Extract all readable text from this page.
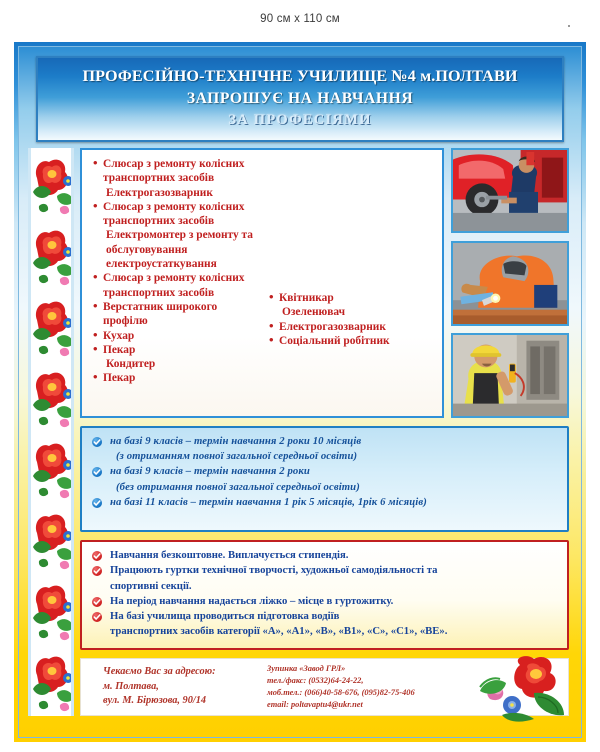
90 см x 110 см
ПРОФЕСІЙНО-ТЕХНІЧНЕ УЧИЛИЩЕ №4 м.ПОЛТАВИ
ЗАПРОШУЄ НА НАВЧАННЯ
ЗА ПРОФЕСІЯМИ
• Слюсар з ремонту колісних транспортних засобів
Електрогазозварник
• Слюсар з ремонту колісних транспортних засобів
Електромонтер з ремонту та обслуговування електроустаткування
• Слюсар з ремонту колісних транспортних засобів
• Верстатник широкого профілю
• Кухар
• Пекар
Кондитер
• Пекар
• Квітникар
Озеленювач
• Електрогазозварник
• Соціальний робітник
на базі 9 класів – термін навчання 2 роки 10 місяців
(з отриманням повної загальної середньої освіти)
на базі 9 класів – термін навчання 2 роки
(без отримання повної загальної середньої освіти)
на базі 11 класів – термін навчання 1 рік 5 місяців, 1рік 6 місяців)
Навчання безкоштовне. Виплачується стипендія.
Працюють гуртки технічної творчості, художньої самодіяльності та
спортивні секції.
На період навчання надається ліжко – місце в гуртожитку.
На базі училища проводиться підготовка водіїв
транспортних засобів категорії «А», «А1», «В», «В1», «С», «С1», «ВЕ».
Чекаємо Вас за адресою:
м. Полтава,
вул. М. Бірюзова, 90/14
Зупинка «Завод ГРЛ»
тел./факс: (0532)64-24-22,
моб.тел.: (066)40-58-676, (095)82-75-406
email: poltavaptu4@ukr.net
